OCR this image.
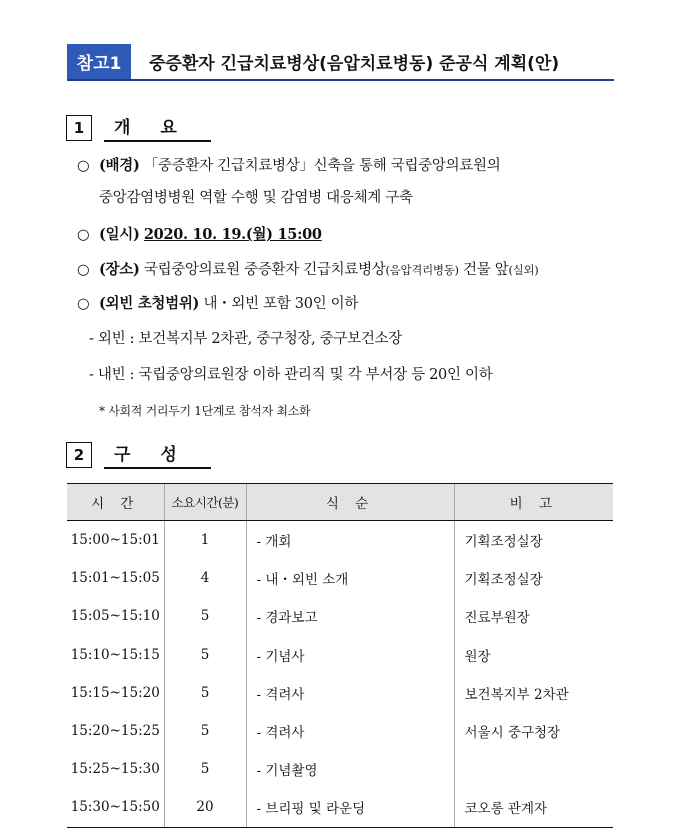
참고1	중증환자 긴급치료병상(음압치료병동) 준공식 계획(안)
1	개 요
○ (배경) 「중증환자 긴급치료병상」신축을 통해 국립중앙의료원의
중앙감염병병원 역할 수행 및 감염병 대응체계 구축
○ (일시) 2020. 10. 19.(월) 15:00
○ (장소) 국립중앙의료원 중증환자 긴급치료병상(음압격리병동) 건물 앞(실외)
○ (외빈 초청범위) 내・외빈 포함 30인 이하
- 외빈 : 보건복지부 2차관, 중구청장, 중구보건소장
- 내빈 : 국립중앙의료원장 이하 관리직 및 각 부서장 등 20인 이하
* 사회적 거리두기 1단계로 참석자 최소화
2	구 성
시 간	소요시간(분)	식 순	비 고
15:00~15:01	1	- 개회	기획조정실장
15:01~15:05	4	- 내・외빈 소개	기획조정실장
15:05~15:10	5	- 경과보고	진료부원장
15:10~15:15	5	- 기념사	원장
15:15~15:20	5	- 격려사	보건복지부 2차관
15:20~15:25	5	- 격려사	서울시 중구청장
15:25~15:30	5	- 기념촬영	
15:30~15:50	20	- 브리핑 및 라운딩	코오롱 관계자
